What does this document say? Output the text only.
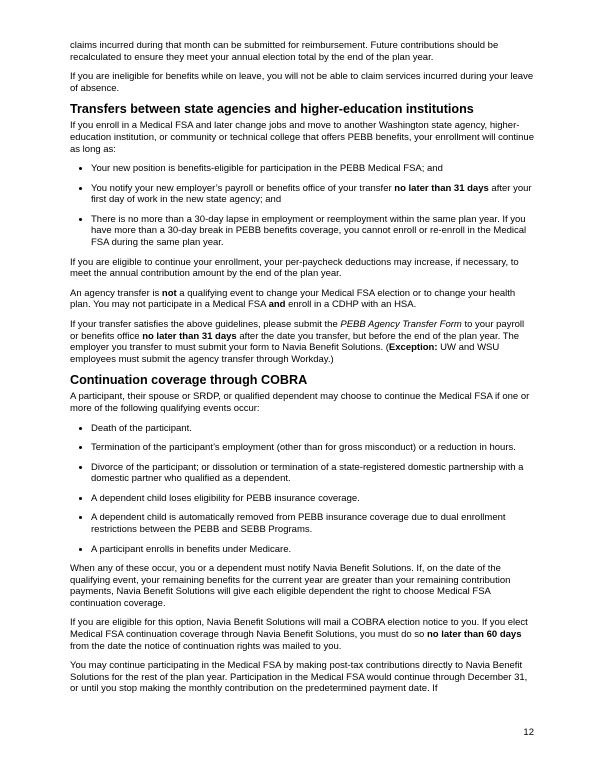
claims incurred during that month can be submitted for reimbursement. Future contributions should be recalculated to ensure they meet your annual election total by the end of the plan year.

If you are ineligible for benefits while on leave, you will not be able to claim services incurred during your leave of absence.

Transfers between state agencies and higher-education institutions

If you enroll in a Medical FSA and later change jobs and move to another Washington state agency, higher-education institution, or community or technical college that offers PEBB benefits, your enrollment will continue as long as:

• Your new position is benefits-eligible for participation in the PEBB Medical FSA; and
• You notify your new employer’s payroll or benefits office of your transfer no later than 31 days after your first day of work in the new state agency; and
• There is no more than a 30-day lapse in employment or reemployment within the same plan year. If you have more than a 30-day break in PEBB benefits coverage, you cannot enroll or re-enroll in the Medical FSA during the same plan year.

If you are eligible to continue your enrollment, your per-paycheck deductions may increase, if necessary, to meet the annual contribution amount by the end of the plan year.

An agency transfer is not a qualifying event to change your Medical FSA election or to change your health plan. You may not participate in a Medical FSA and enroll in a CDHP with an HSA.

If your transfer satisfies the above guidelines, please submit the PEBB Agency Transfer Form to your payroll or benefits office no later than 31 days after the date you transfer, but before the end of the plan year. The employer you transfer to must submit your form to Navia Benefit Solutions. (Exception: UW and WSU employees must submit the agency transfer through Workday.)

Continuation coverage through COBRA

A participant, their spouse or SRDP, or qualified dependent may choose to continue the Medical FSA if one or more of the following qualifying events occur:

• Death of the participant.
• Termination of the participant’s employment (other than for gross misconduct) or a reduction in hours.
• Divorce of the participant; or dissolution or termination of a state-registered domestic partnership with a domestic partner who qualified as a dependent.
• A dependent child loses eligibility for PEBB insurance coverage.
• A dependent child is automatically removed from PEBB insurance coverage due to dual enrollment restrictions between the PEBB and SEBB Programs.
• A participant enrolls in benefits under Medicare.

When any of these occur, you or a dependent must notify Navia Benefit Solutions. If, on the date of the qualifying event, your remaining benefits for the current year are greater than your remaining contribution payments, Navia Benefit Solutions will give each eligible dependent the right to choose Medical FSA continuation coverage.

If you are eligible for this option, Navia Benefit Solutions will mail a COBRA election notice to you. If you elect Medical FSA continuation coverage through Navia Benefit Solutions, you must do so no later than 60 days from the date the notice of continuation rights was mailed to you.

You may continue participating in the Medical FSA by making post-tax contributions directly to Navia Benefit Solutions for the rest of the plan year. Participation in the Medical FSA would continue through December 31, or until you stop making the monthly contribution on the predetermined payment date. If

12
